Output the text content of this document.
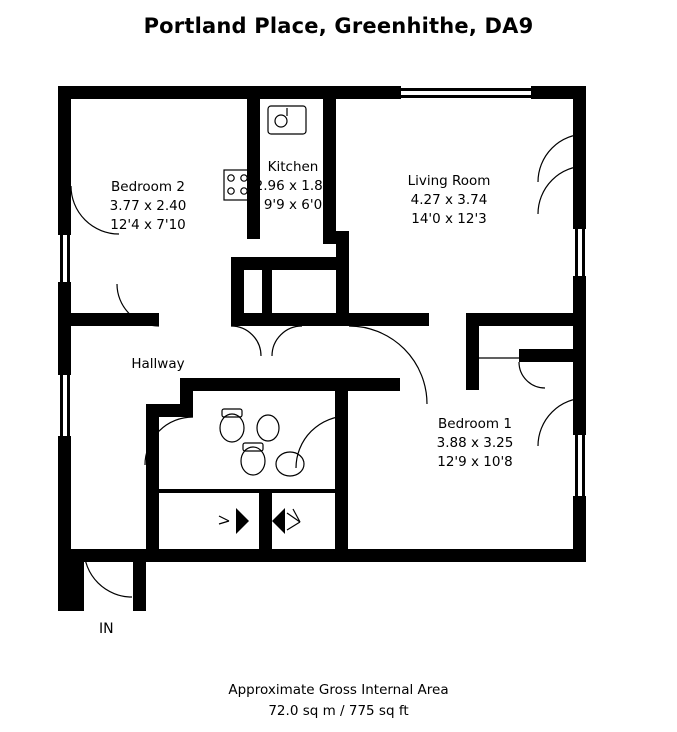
Portland Place, Greenhithe, DA9
Bedroom 2
3.77 x 2.40
12'4 x 7'10
Kitchen
2.96 x 1.83
9'9 x 6'0
Living Room
4.27 x 3.74
14'0 x 12'3
Hallway
Bedroom 1
3.88 x 3.25
12'9 x 10'8
IN
Approximate Gross Internal Area
72.0 sq m / 775 sq ft
